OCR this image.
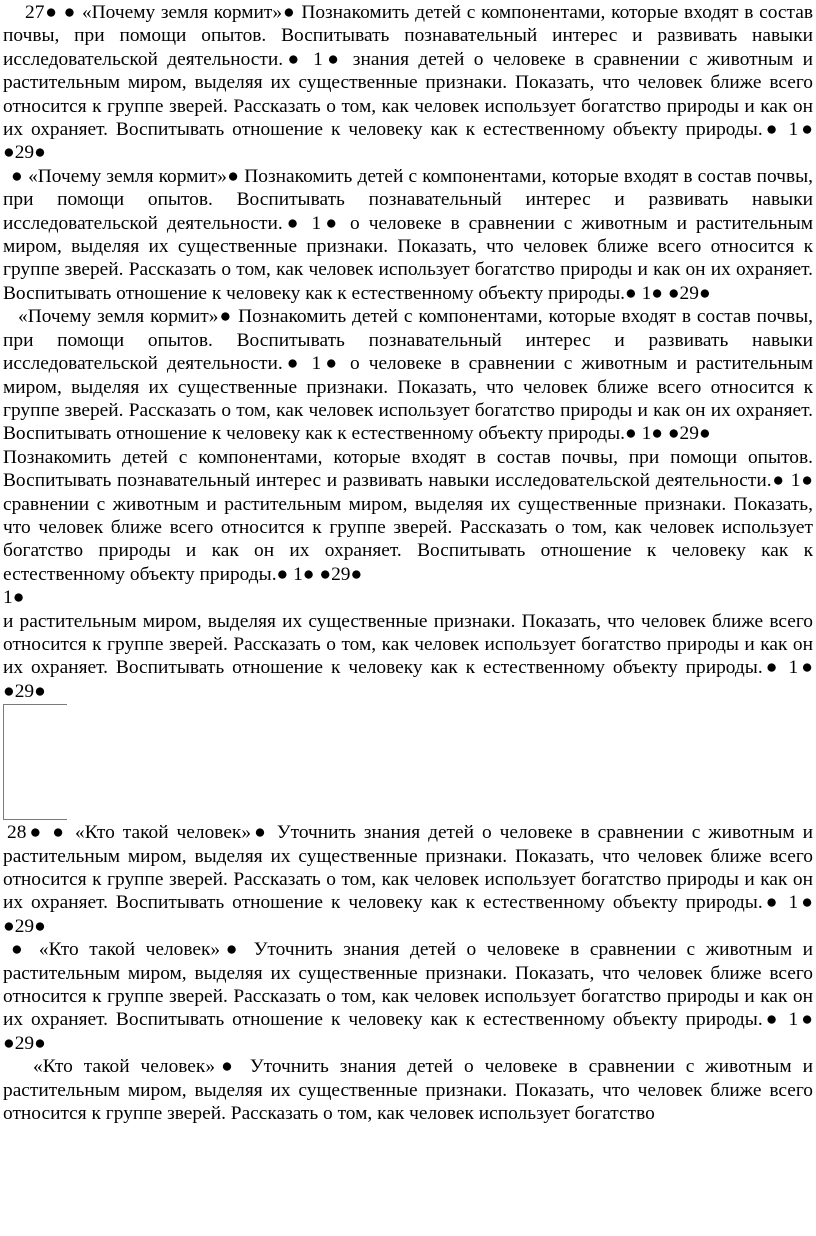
27● ● «Почему земля кормит»● Познакомить детей с компонентами, которые входят в состав почвы, при помощи опытов. Воспитывать познавательный интерес и развивать навыки исследовательской деятельности.● 1● знания детей о человеке в сравнении с животным и растительным миром, выделяя их существенные признаки. Показать, что человек ближе всего относится к группе зверей. Рассказать о том, как человек использует богатство природы и как он их охраняет. Воспитывать отношение к человеку как к естественному объекту природы.● 1● ●29●

● «Почему земля кормит»● Познакомить детей с компонентами, которые входят в состав почвы, при помощи опытов. Воспитывать познавательный интерес и развивать навыки исследовательской деятельности.● 1● о человеке в сравнении с животным и растительным миром, выделяя их существенные признаки. Показать, что человек ближе всего относится к группе зверей. Рассказать о том, как человек использует богатство природы и как он их охраняет. Воспитывать отношение к человеку как к естественному объекту природы.● 1● ●29●

«Почему земля кормит»● Познакомить детей с компонентами, которые входят в состав почвы, при помощи опытов. Воспитывать познавательный интерес и развивать навыки исследовательской деятельности.● 1● о человеке в сравнении с животным и растительным миром, выделяя их существенные признаки. Показать, что человек ближе всего относится к группе зверей. Рассказать о том, как человек использует богатство природы и как он их охраняет. Воспитывать отношение к человеку как к естественному объекту природы.● 1● ●29●

Познакомить детей с компонентами, которые входят в состав почвы, при помощи опытов. Воспитывать познавательный интерес и развивать навыки исследовательской деятельности.● 1● сравнении с животным и растительным миром, выделяя их существенные признаки. Показать, что человек ближе всего относится к группе зверей. Рассказать о том, как человек использует богатство природы и как он их охраняет. Воспитывать отношение к человеку как к естественному объекту природы.● 1● ●29●

1●

и растительным миром, выделяя их существенные признаки. Показать, что человек ближе всего относится к группе зверей. Рассказать о том, как человек использует богатство природы и как он их охраняет. Воспитывать отношение к человеку как к естественному объекту природы.● 1● ●29●

28● ● «Кто такой человек»● Уточнить знания детей о человеке в сравнении с животным и растительным миром, выделяя их существенные признаки. Показать, что человек ближе всего относится к группе зверей. Рассказать о том, как человек использует богатство природы и как он их охраняет. Воспитывать отношение к человеку как к естественному объекту природы.● 1● ●29●

● «Кто такой человек»● Уточнить знания детей о человеке в сравнении с животным и растительным миром, выделяя их существенные признаки. Показать, что человек ближе всего относится к группе зверей. Рассказать о том, как человек использует богатство природы и как он их охраняет. Воспитывать отношение к человеку как к естественному объекту природы.● 1● ●29●

«Кто такой человек»● Уточнить знания детей о человеке в сравнении с животным и растительным миром, выделяя их существенные признаки. Показать, что человек ближе всего относится к группе зверей. Рассказать о том, как человек использует богатство
